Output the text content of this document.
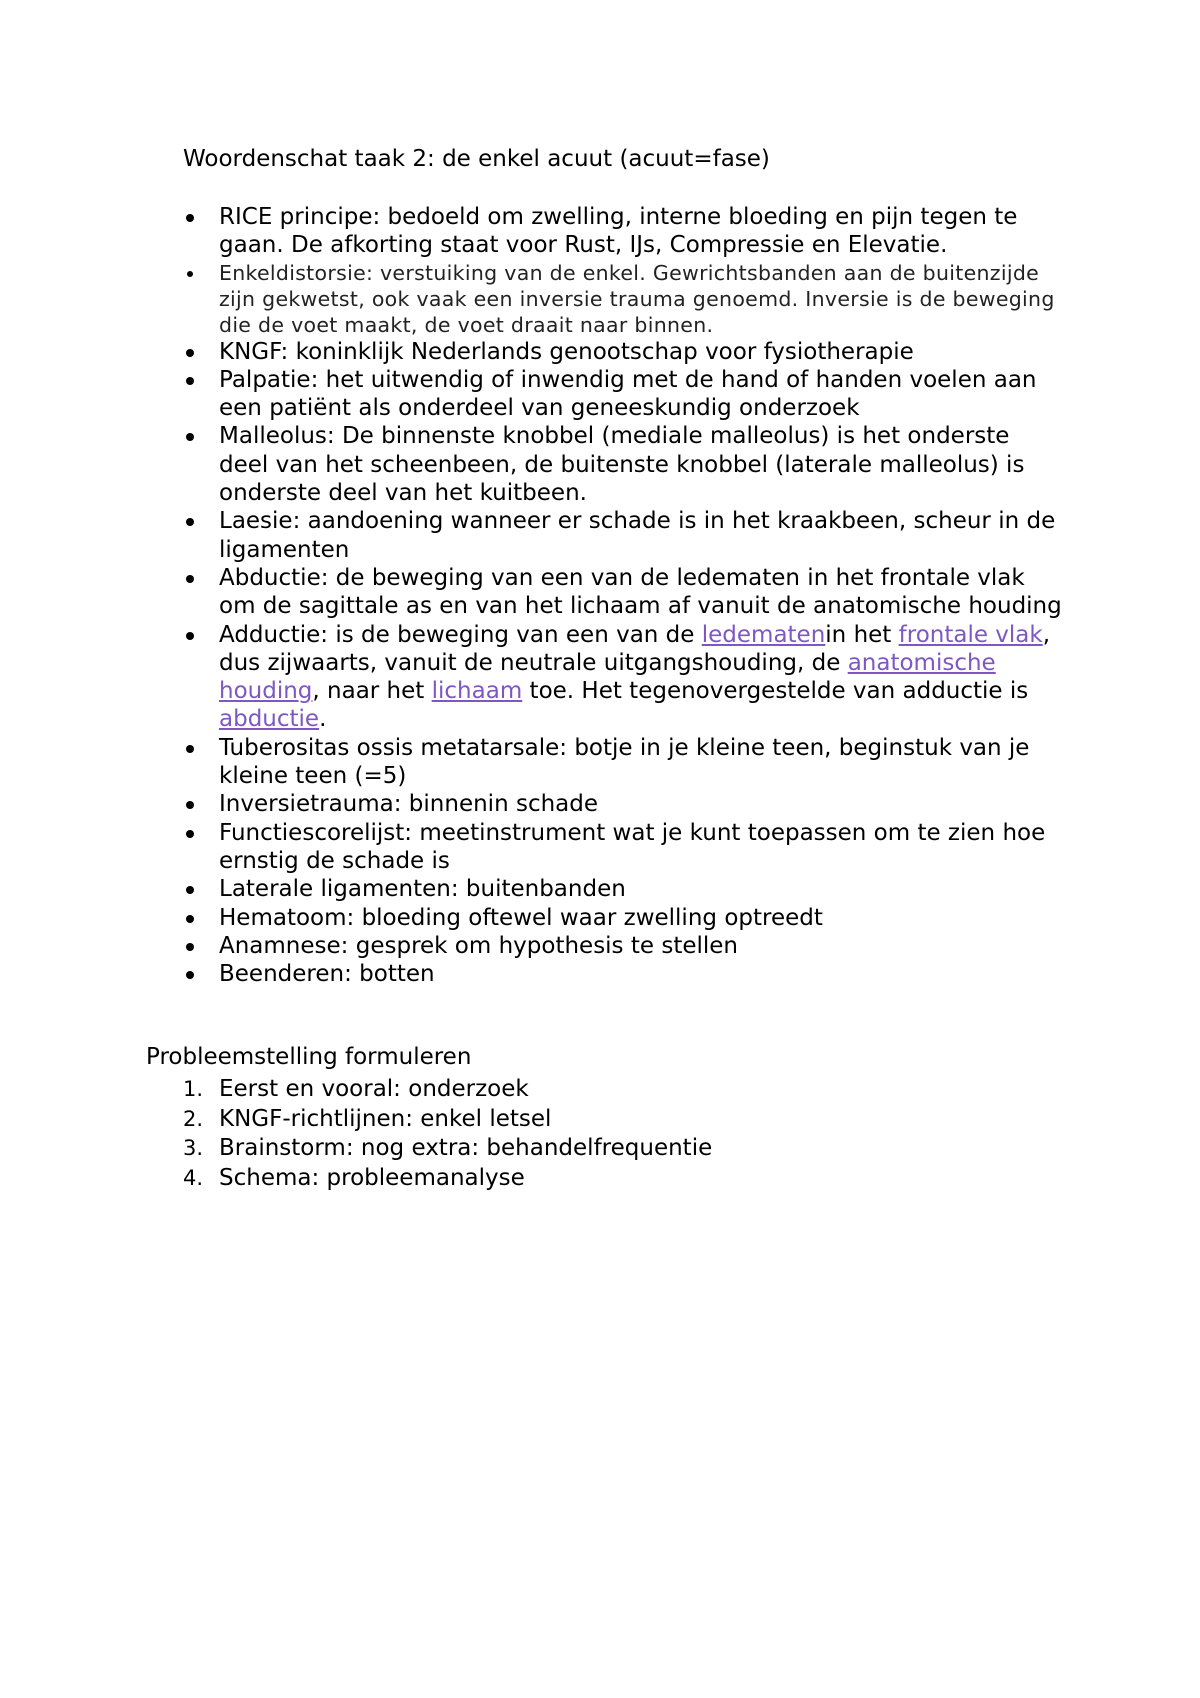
Woordenschat taak 2: de enkel acuut (acuut=fase)
RICE principe: bedoeld om zwelling, interne bloeding en pijn tegen te gaan. De afkorting staat voor Rust, IJs, Compressie en Elevatie.
Enkeldistorsie: verstuiking van de enkel. Gewrichtsbanden aan de buitenzijde zijn gekwetst, ook vaak een inversie trauma genoemd. Inversie is de beweging die de voet maakt, de voet draait naar binnen.
KNGF: koninklijk Nederlands genootschap voor fysiotherapie
Palpatie: het uitwendig of inwendig met de hand of handen voelen aan een patiënt als onderdeel van geneeskundig onderzoek
Malleolus: De binnenste knobbel (mediale malleolus) is het onderste deel van het scheenbeen, de buitenste knobbel (laterale malleolus) is onderste deel van het kuitbeen.
Laesie: aandoening wanneer er schade is in het kraakbeen, scheur in de ligamenten
Abductie: de beweging van een van de ledematen in het frontale vlak om de sagittale as en van het lichaam af vanuit de anatomische houding
Adductie: is de beweging van een van de ledematenin het frontale vlak, dus zijwaarts, vanuit de neutrale uitgangshouding, de anatomische houding, naar het lichaam toe. Het tegenovergestelde van adductie is abductie.
Tuberositas ossis metatarsale: botje in je kleine teen, beginstuk van je kleine teen (=5)
Inversietrauma: binnenin schade
Functiescorelijst: meetinstrument wat je kunt toepassen om te zien hoe ernstig de schade is
Laterale ligamenten: buitenbanden
Hematoom: bloeding oftewel waar zwelling optreedt
Anamnese: gesprek om hypothesis te stellen
Beenderen: botten
Probleemstelling formuleren
1. Eerst en vooral: onderzoek
2. KNGF-richtlijnen: enkel letsel
3. Brainstorm: nog extra: behandelfrequentie
4. Schema: probleemanalyse
